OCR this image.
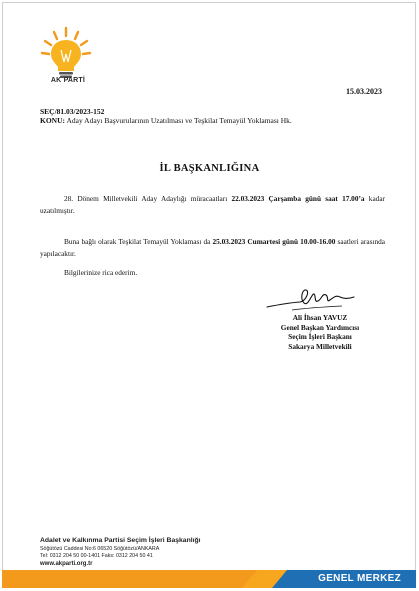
AK PARTİ
15.03.2023
SEÇ/81.03/2023-152
KONU: Aday Adayı Başvurularının Uzatılması ve Teşkilat Temayül Yoklaması Hk.
İL BAŞKANLIĞINA
28. Dönem Milletvekili Aday Adaylığı müracaatları 22.03.2023 Çarşamba günü saat 17.00’a kadar uzatılmıştır.
Buna bağlı olarak Teşkilat Temayül Yoklaması da 25.03.2023 Cumartesi günü 10.00-16.00 saatleri arasında yapılacaktır.
Bilgilerinize rica ederim.
Ali İhsan YAVUZ
Genel Başkan Yardımcısı
Seçim İşleri Başkanı
Sakarya Milletvekili
Adalet ve Kalkınma Partisi Seçim İşleri Başkanlığı
Söğütözü Caddesi No:6 06520 Söğütözü/ANKARA
Tel: 0312 204 50 00-1401 Faks: 0312 204 50 41
www.akparti.org.tr
GENEL MERKEZ
